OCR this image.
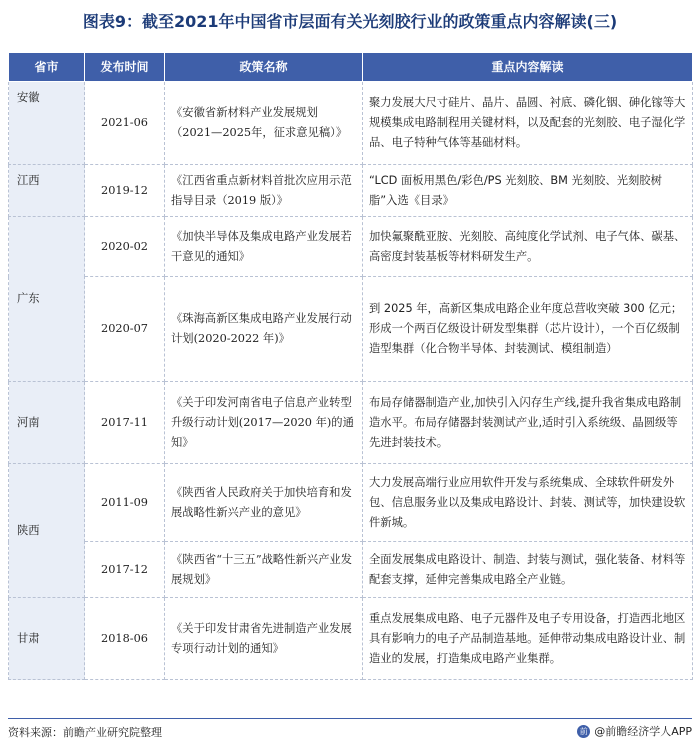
图表9：截至2021年中国省市层面有关光刻胶行业的政策重点内容解读(三)
省市	发布时间	政策名称	重点内容解读
安徽	2021-06	《安徽省新材料产业发展规划（2021—2025年，征求意见稿）》	聚力发展大尺寸硅片、晶片、晶圆、衬底、磷化铟、砷化镓等大规模集成电路制程用关键材料，以及配套的光刻胶、电子湿化学品、电子特种气体等基础材料。
江西	2019-12	《江西省重点新材料首批次应用示范指导目录（2019 版）》	“LCD 面板用黑色/彩色/PS 光刻胶、BM 光刻胶、光刻胶树脂”入选《目录》
广东	2020-02	《加快半导体及集成电路产业发展若干意见的通知》	加快氟聚酰亚胺、光刻胶、高纯度化学试剂、电子气体、碳基、高密度封装基板等材料研发生产。
	2020-07	《珠海高新区集成电路产业发展行动计划(2020-2022 年)》	到 2025 年，高新区集成电路企业年度总营收突破 300 亿元；形成一个两百亿级设计研发型集群（芯片设计），一个百亿级制造型集群（化合物半导体、封装测试、模组制造）
河南	2017-11	《关于印发河南省电子信息产业转型升级行动计划(2017—2020 年)的通知》	布局存储器制造产业,加快引入闪存生产线,提升我省集成电路制造水平。布局存储器封装测试产业,适时引入系统级、晶圆级等先进封装技术。
陕西	2011-09	《陕西省人民政府关于加快培育和发展战略性新兴产业的意见》	大力发展高端行业应用软件开发与系统集成、全球软件研发外包、信息服务业以及集成电路设计、封装、测试等，加快建设软件新城。
	2017-12	《陕西省“十三五”战略性新兴产业发展规划》	全面发展集成电路设计、制造、封装与测试，强化装备、材料等配套支撑，延伸完善集成电路全产业链。
甘肃	2018-06	《关于印发甘肃省先进制造产业发展专项行动计划的通知》	重点发展集成电路、电子元器件及电子专用设备，打造西北地区具有影响力的电子产品制造基地。延伸带动集成电路设计业、制造业的发展，打造集成电路产业集群。
资料来源：前瞻产业研究院整理	前 @前瞻经济学人APP
